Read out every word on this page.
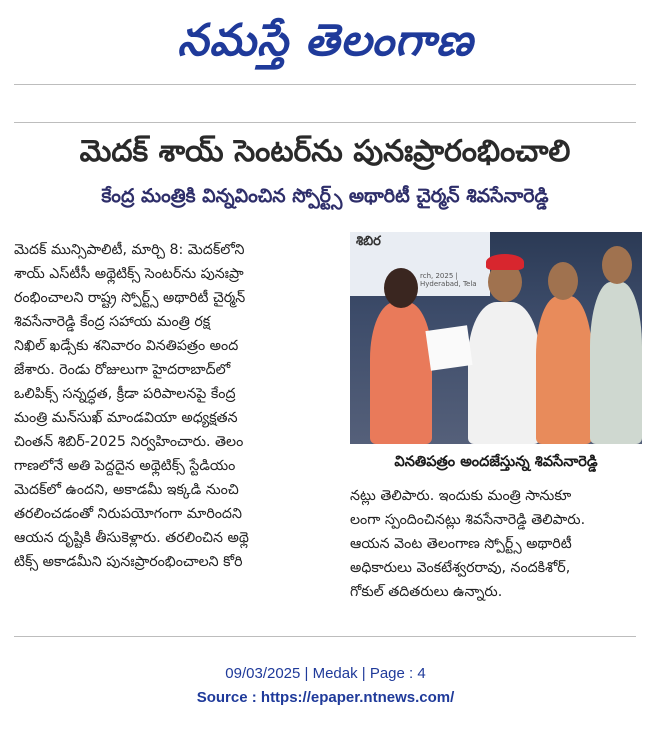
నమస్తే తెలంగాణ
మెదక్ శాయ్ సెంటర్‌ను పునఃప్రారంభించాలి
కేంద్ర మంత్రికి విన్నవించిన స్పోర్ట్స్ అథారిటీ చైర్మన్ శివసేనారెడ్డి

మెదక్ మున్సిపాలిటీ, మార్చి 8: మెదక్‌లోని

శాయ్ ఎస్‌టీసీ అథ్లెటిక్స్ సెంటర్‌ను పునఃప్రా

రంభించాలని రాష్ట్ర స్పోర్ట్స్ అథారిటీ చైర్మన్

శివసేనారెడ్డి కేంద్ర సహాయ మంత్రి రక్ష

నిఖిల్ ఖడ్సేకు శనివారం వినతిపత్రం అంద

జేశారు. రెండు రోజులుగా హైదరాబాద్‌లో

ఒలిపిక్స్ సన్నద్ధత, క్రీడా పరిపాలనపై కేంద్ర

మంత్రి మన్‌సుఖ్ మాండవియా అధ్యక్షతన

చింతన్ శిబిర్-2025 నిర్వహించారు. తెలం

గాణలోనే అతి పెద్దదైన అథ్లెటిక్స్ స్టేడియం

మెదక్‌లో ఉందని, అకాడమీ ఇక్కడి నుంచి

తరలించడంతో నిరుపయోగంగా మారిందని

ఆయన దృష్టికి తీసుకెళ్లారు. తరలించిన అథ్లె

టిక్స్ అకాడమీని పునఃప్రారంభించాలని కోరి

శిబిర
rch, 2025 | Hyderabad, Tela
వినతిపత్రం అందజేస్తున్న శివసేనారెడ్డి

నట్లు తెలిపారు. ఇందుకు మంత్రి సానుకూ

లంగా స్పందించినట్లు శివసేనారెడ్డి తెలిపారు.

ఆయన వెంట తెలంగాణ స్పోర్ట్స్ అథారిటీ

అధికారులు వెంకటేశ్వరరావు, నందకిశోర్,

గోకుల్ తదితరులు ఉన్నారు.

09/03/2025 | Medak | Page : 4
Source : https://epaper.ntnews.com/
